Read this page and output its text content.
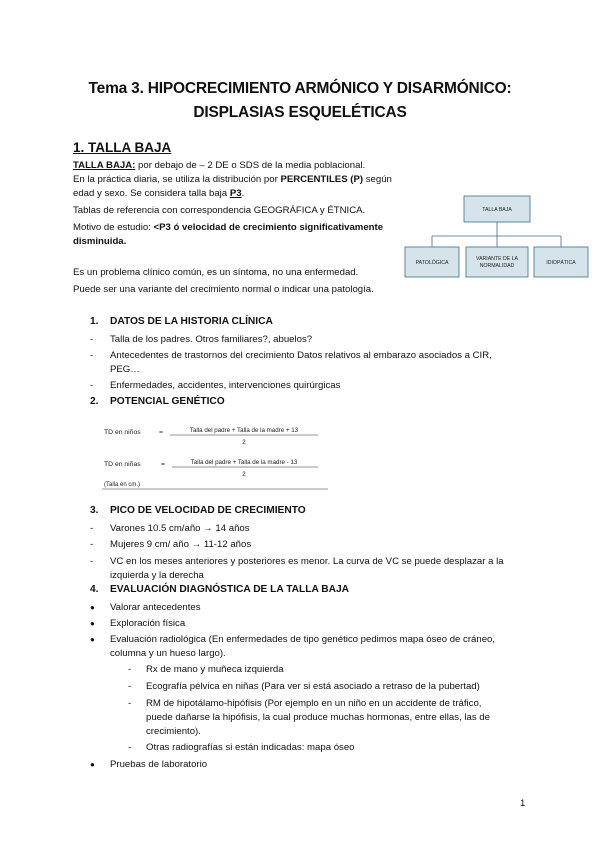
Tema 3. HIPOCRECIMIENTO ARMÓNICO Y DISARMÓNICO:
DISPLASIAS ESQUELÉTICAS
1. TALLA BAJA
TALLA BAJA: por debajo de – 2 DE o SDS de la media poblacional.
En la práctica diaria, se utiliza la distribución por PERCENTILES (P) según
edad y sexo. Se considera talla baja P3.
Tablas de referencia con correspondencia GEOGRÁFICA y ÉTNICA.
Motivo de estudio: <P3 ó velocidad de crecimiento significativamente
disminuida.
Es un problema clínico común, es un síntoma, no una enfermedad.
Puede ser una variante del crecimiento normal o indicar una patología.
TALLA BAJA
PATOLÓGICA
VARIANTE DE LA
NORMALIDAD	IDIOPÁTICA
1. DATOS DE LA HISTORIA CLÍNICA
-	Talla de los padres. Otros familiares?, abuelos?
-	Antecedentes de trastornos del crecimiento Datos relativos al embarazo asociados a CIR,
PEG…
-	Enfermedades, accidentes, intervenciones quirúrgicas
2. POTENCIAL GENÉTICO
TD en niños	=	Talla del padre + Talla de la madre + 13
2
TD en niñas	=	Talla del padre + Talla de la madre - 13
2
(Talla en cm.)
3. PICO DE VELOCIDAD DE CRECIMIENTO
-	Varones 10.5 cm/año → 14 años
-	Mujeres 9 cm/ año → 11-12 años
-	VC en los meses anteriores y posteriores es menor. La curva de VC se puede desplazar a la
izquierda y la derecha
4. EVALUACIÓN DIAGNÓSTICA DE LA TALLA BAJA
●	Valorar antecedentes
●	Exploración física
●	Evaluación radiológica (En enfermedades de tipo genético pedimos mapa óseo de cráneo,
columna y un hueso largo).
-	Rx de mano y muñeca izquierda
-	Ecografía pélvica en niñas (Para ver si está asociado a retraso de la pubertad)
-	RM de hipotálamo-hipófisis (Por ejemplo en un niño en un accidente de tráfico,
puede dañarse la hipófisis, la cual produce muchas hormonas, entre ellas, las de
crecimiento).
-	Otras radiografías si están indicadas: mapa óseo
●	Pruebas de laboratorio
1
